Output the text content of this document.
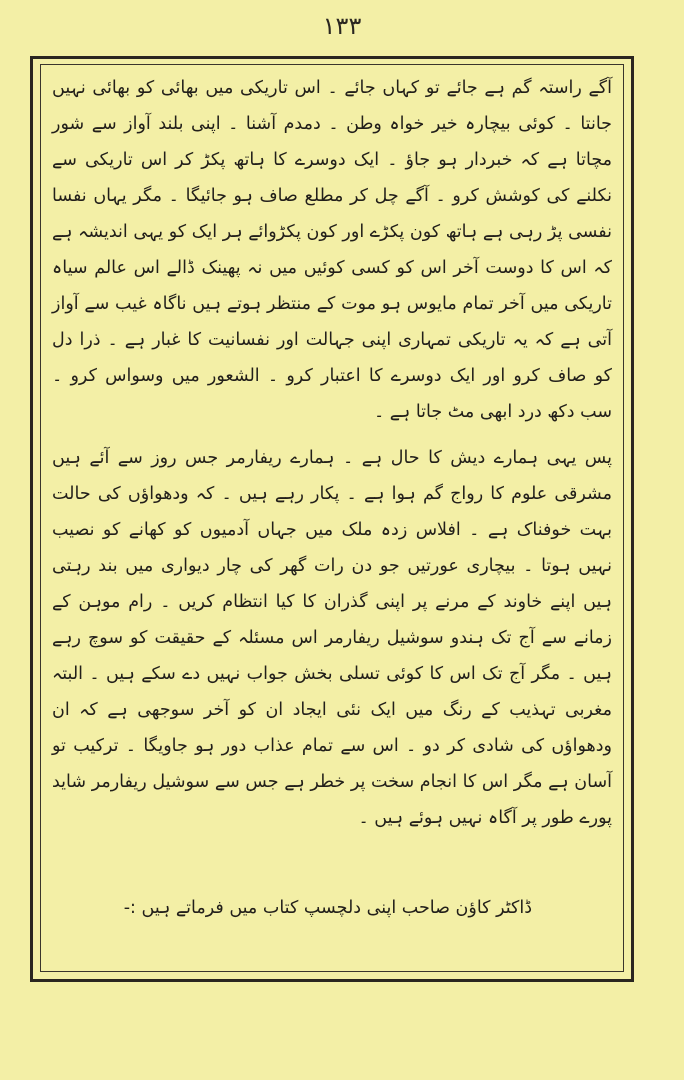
۱۳۳

آگے راستہ گم ہے جائے تو کہاں جائے ۔ اس تاریکی میں بھائی کو بھائی نہیں جانتا ۔ کوئی بیچارہ خیر خواہ وطن ۔ دمدم آشنا ۔ اپنی بلند آواز سے شور مچاتا ہے کہ خبردار ہو جاؤ ۔ ایک دوسرے کا ہاتھ پکڑ کر اس تاریکی سے نکلنے کی کوشش کرو ۔ آگے چل کر مطلع صاف ہو جائیگا ۔ مگر یہاں نفسا نفسی پڑ رہی ہے ہاتھ کون پکڑے اور کون پکڑوائے ہر ایک کو یہی اندیشہ ہے کہ اس کا دوست آخر اس کو کسی کوئیں میں نہ پھینک ڈالے اس عالم سیاہ تاریکی میں آخر تمام مایوس ہو موت کے منتظر ہوتے ہیں ناگاہ غیب سے آواز آتی ہے کہ یہ تاریکی تمہاری اپنی جہالت اور نفسانیت کا غبار ہے ۔ ذرا دل کو صاف کرو اور ایک دوسرے کا اعتبار کرو ۔ الشعور میں وسواس کرو ۔ سب دکھ درد ابھی مٹ جاتا ہے ۔

پس یہی ہمارے دیش کا حال ہے ۔ ہمارے ریفارمر جس روز سے آئے ہیں مشرقی علوم کا رواج گم ہوا ہے ۔ پکار رہے ہیں ۔ کہ ودھواؤں کی حالت بہت خوفناک ہے ۔ افلاس زدہ ملک میں جہاں آدمیوں کو کھانے کو نصیب نہیں ہوتا ۔ بیچاری عورتیں جو دن رات گھر کی چار دیواری میں بند رہتی ہیں اپنے خاوند کے مرنے پر اپنی گذران کا کیا انتظام کریں ۔ رام موہن کے زمانے سے آج تک ہندو سوشیل ریفارمر اس مسئلہ کے حقیقت کو سوچ رہے ہیں ۔ مگر آج تک اس کا کوئی تسلی بخش جواب نہیں دے سکے ہیں ۔ البتہ مغربی تہذیب کے رنگ میں ایک نئی ایجاد ان کو آخر سوجھی ہے کہ ان ودھواؤں کی شادی کر دو ۔ اس سے تمام عذاب دور ہو جاویگا ۔ ترکیب تو آسان ہے مگر اس کا انجام سخت پر خطر ہے جس سے سوشیل ریفارمر شاید پورے طور پر آگاہ نہیں ہوئے ہیں ۔

ڈاکٹر کاؤن صاحب اپنی دلچسپ کتاب میں فرماتے ہیں :-
